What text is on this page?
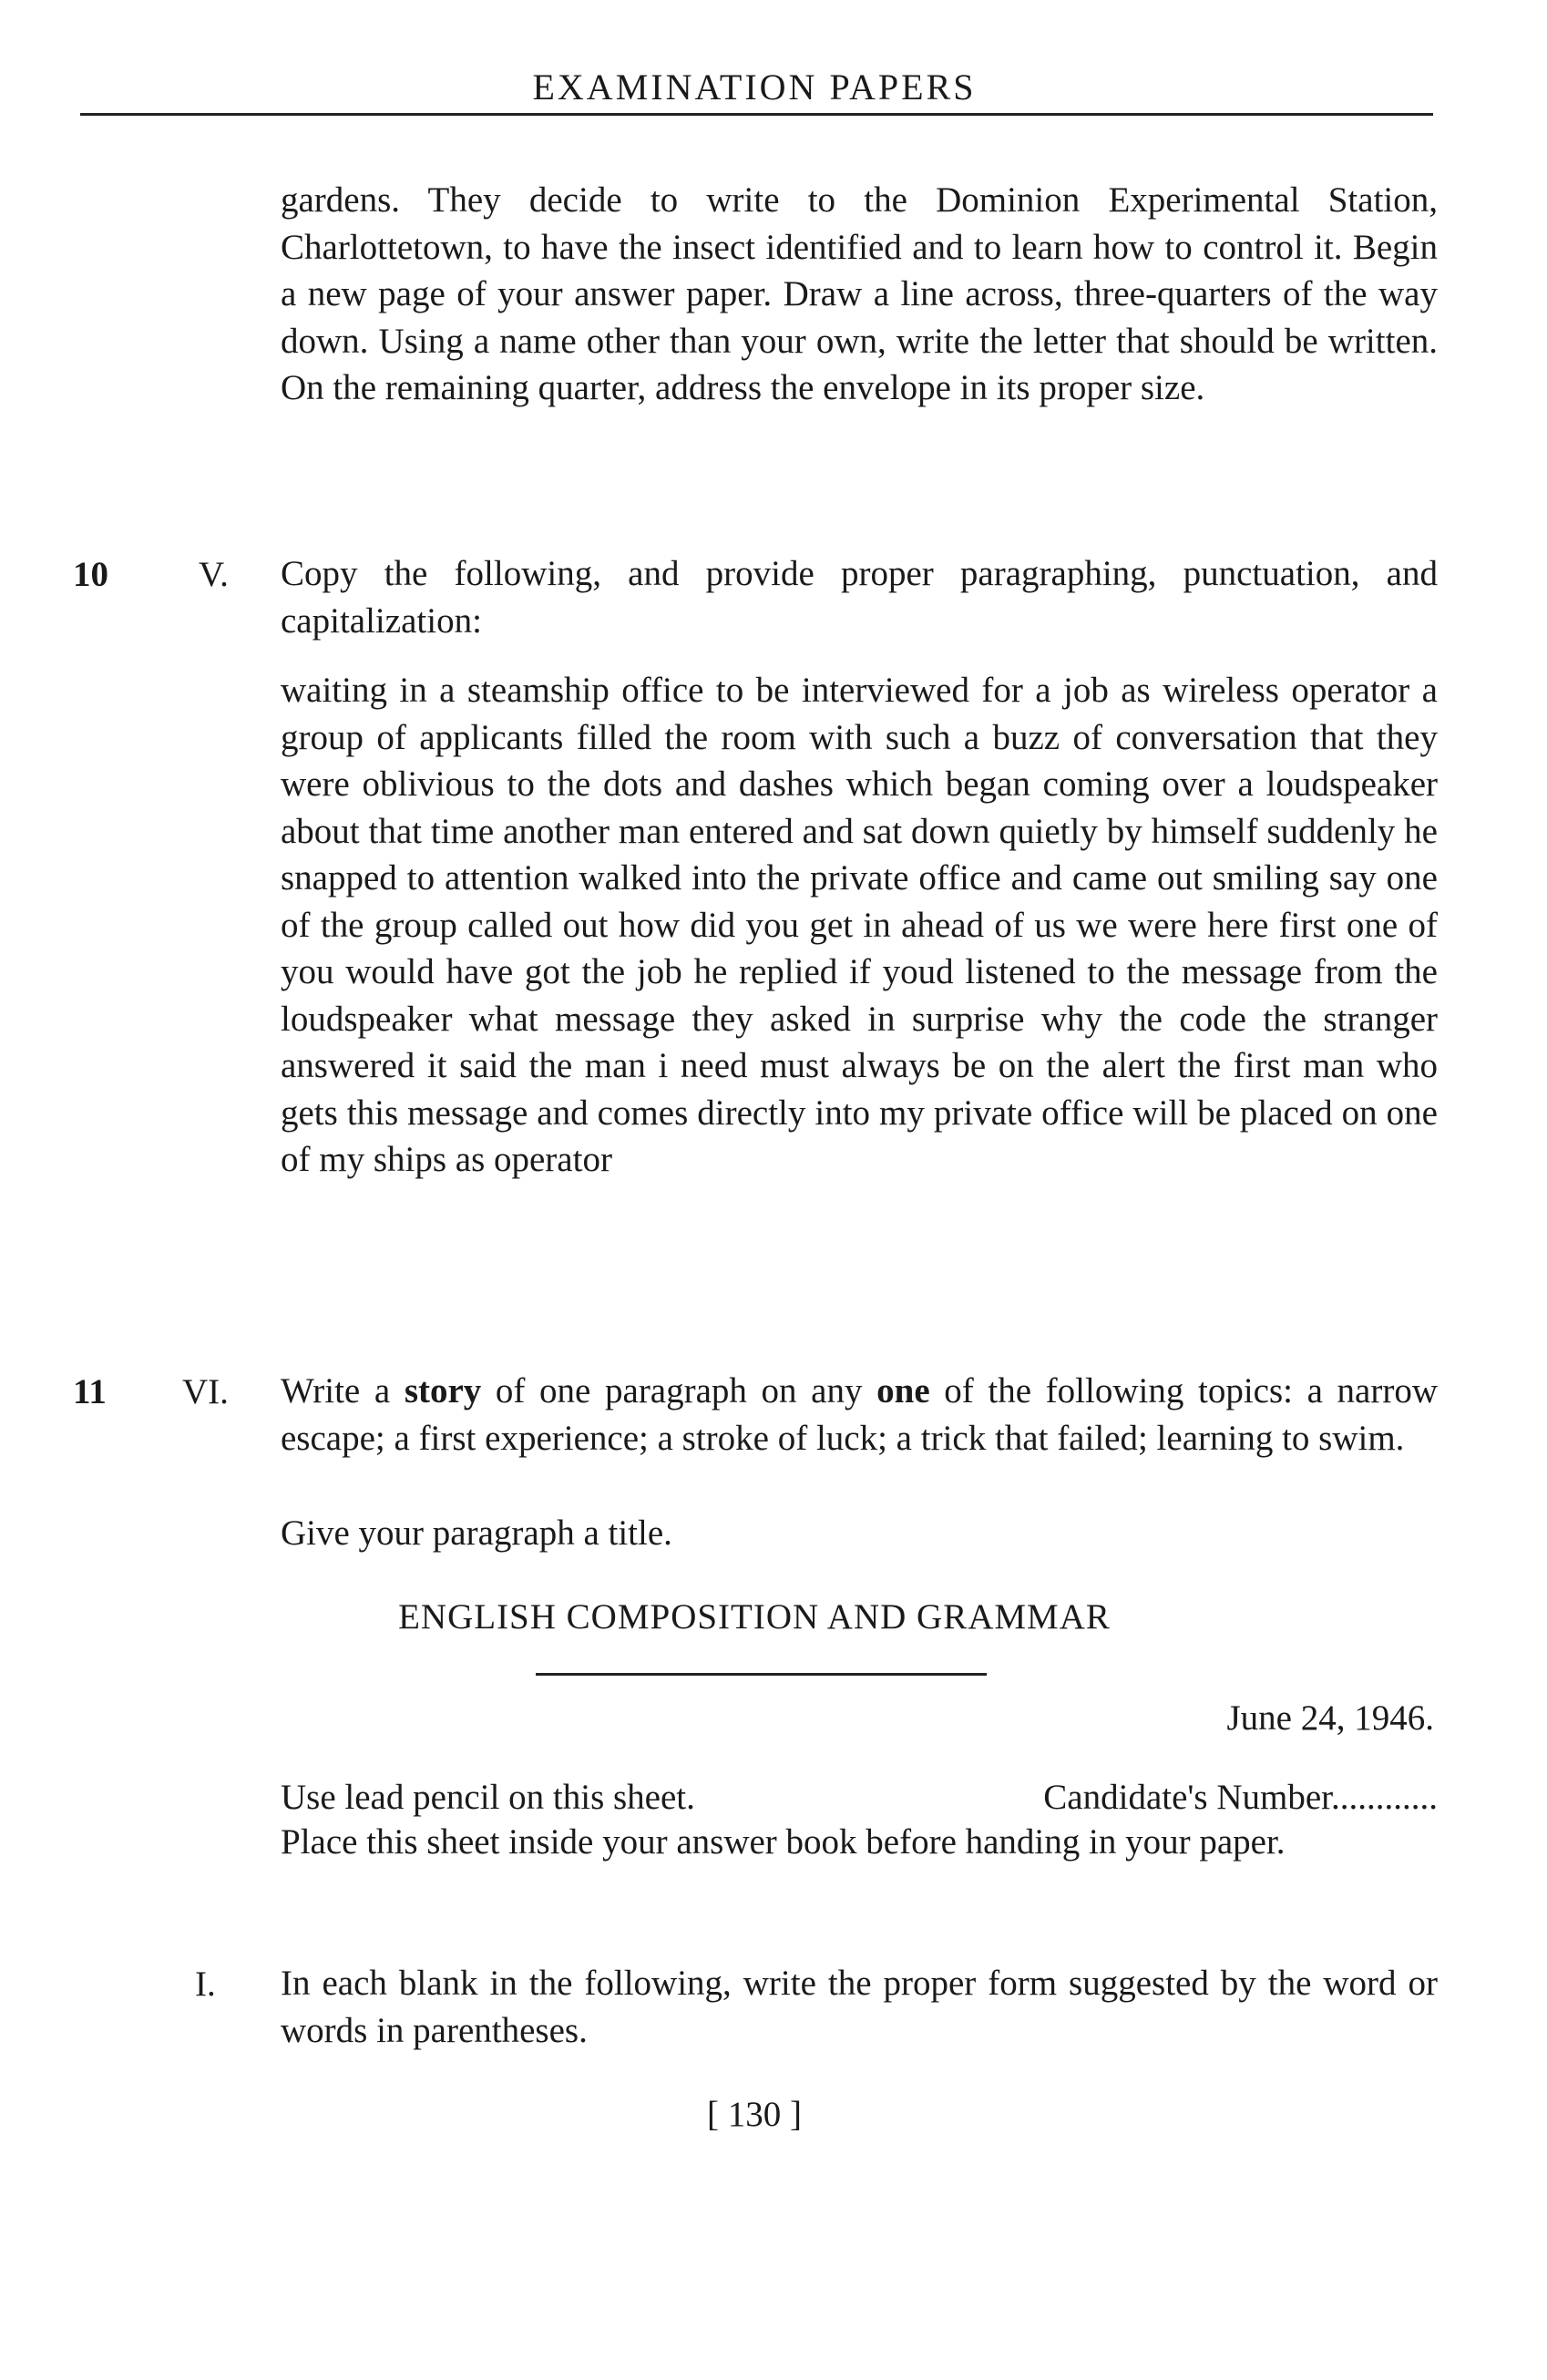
EXAMINATION PAPERS

gardens. They decide to write to the Dominion Experimental Station, Charlottetown, to have the insect identified and to learn how to control it. Begin a new page of your answer paper. Draw a line across, three-quarters of the way down. Using a name other than your own, write the letter that should be written. On the remaining quarter, address the envelope in its proper size.

10	V. Copy the following, and provide proper paragraphing, punctuation, and capitalization:

waiting in a steamship office to be interviewed for a job as wireless operator a group of applicants filled the room with such a buzz of conversation that they were oblivious to the dots and dashes which began coming over a loudspeaker about that time another man entered and sat down quietly by himself suddenly he snapped to attention walked into the private office and came out smiling say one of the group called out how did you get in ahead of us we were here first one of you would have got the job he replied if youd listened to the message from the loudspeaker what message they asked in surprise why the code the stranger answered it said the man i need must always be on the alert the first man who gets this message and comes directly into my private office will be placed on one of my ships as operator

11 VI. Write a story of one paragraph on any one of the following topics: a narrow escape; a first experience; a stroke of luck; a trick that failed; learning to swim.

Give your paragraph a title.

ENGLISH COMPOSITION AND GRAMMAR
June 24, 1946.
Use lead pencil on this sheet.	Candidate's Number............

Place this sheet inside your answer book before handing in your paper.

I. In each blank in the following, write the proper form suggested by the word or words in parentheses.

[ 130 ]
